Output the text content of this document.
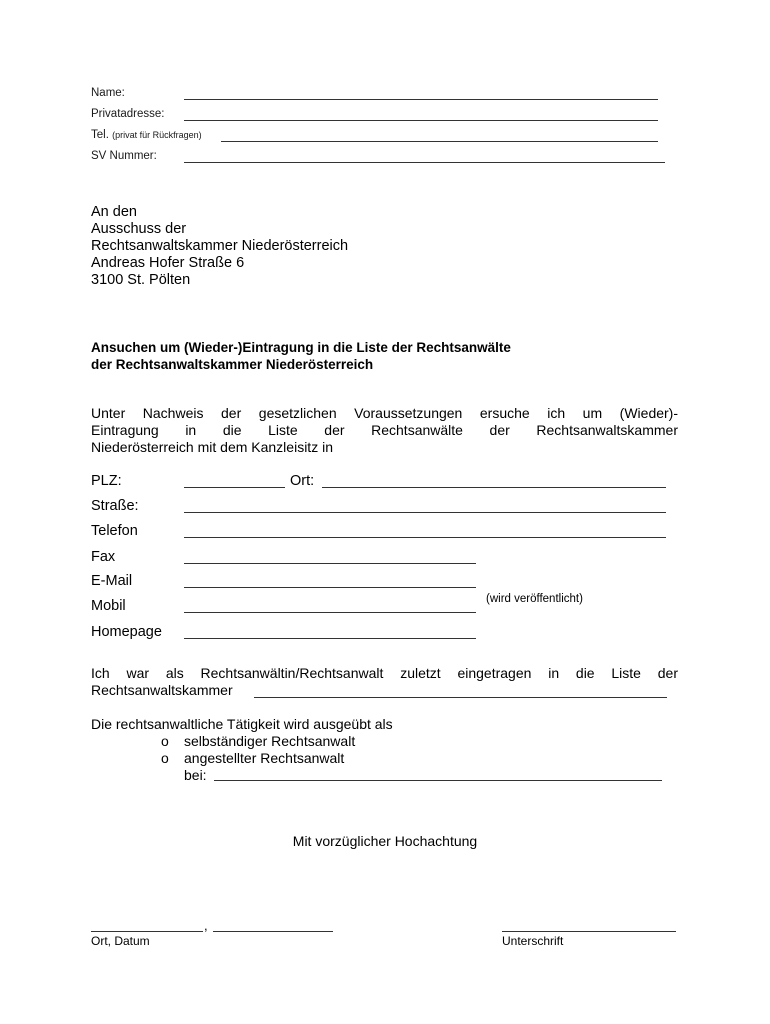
Name:
Privatadresse:
Tel. (privat für Rückfragen)
SV Nummer:
An den
Ausschuss der
Rechtsanwaltskammer Niederösterreich
Andreas Hofer Straße 6
3100 St. Pölten
Ansuchen um (Wieder-)Eintragung in die Liste der Rechtsanwälte
der Rechtsanwaltskammer Niederösterreich
Unter Nachweis der gesetzlichen Voraussetzungen ersuche ich um (Wieder)-
Eintragung in die Liste der Rechtsanwälte der Rechtsanwaltskammer
Niederösterreich mit dem Kanzleisitz in
PLZ:	Ort:
Straße:
Telefon
Fax
E-Mail
Mobil	(wird veröffentlicht)
Homepage
Ich war als Rechtsanwältin/Rechtsanwalt zuletzt eingetragen in die Liste der
Rechtsanwaltskammer
Die rechtsanwaltliche Tätigkeit wird ausgeübt als
o selbständiger Rechtsanwalt
o angestellter Rechtsanwalt
bei:
Mit vorzüglicher Hochachtung
,
Ort, Datum	Unterschrift
